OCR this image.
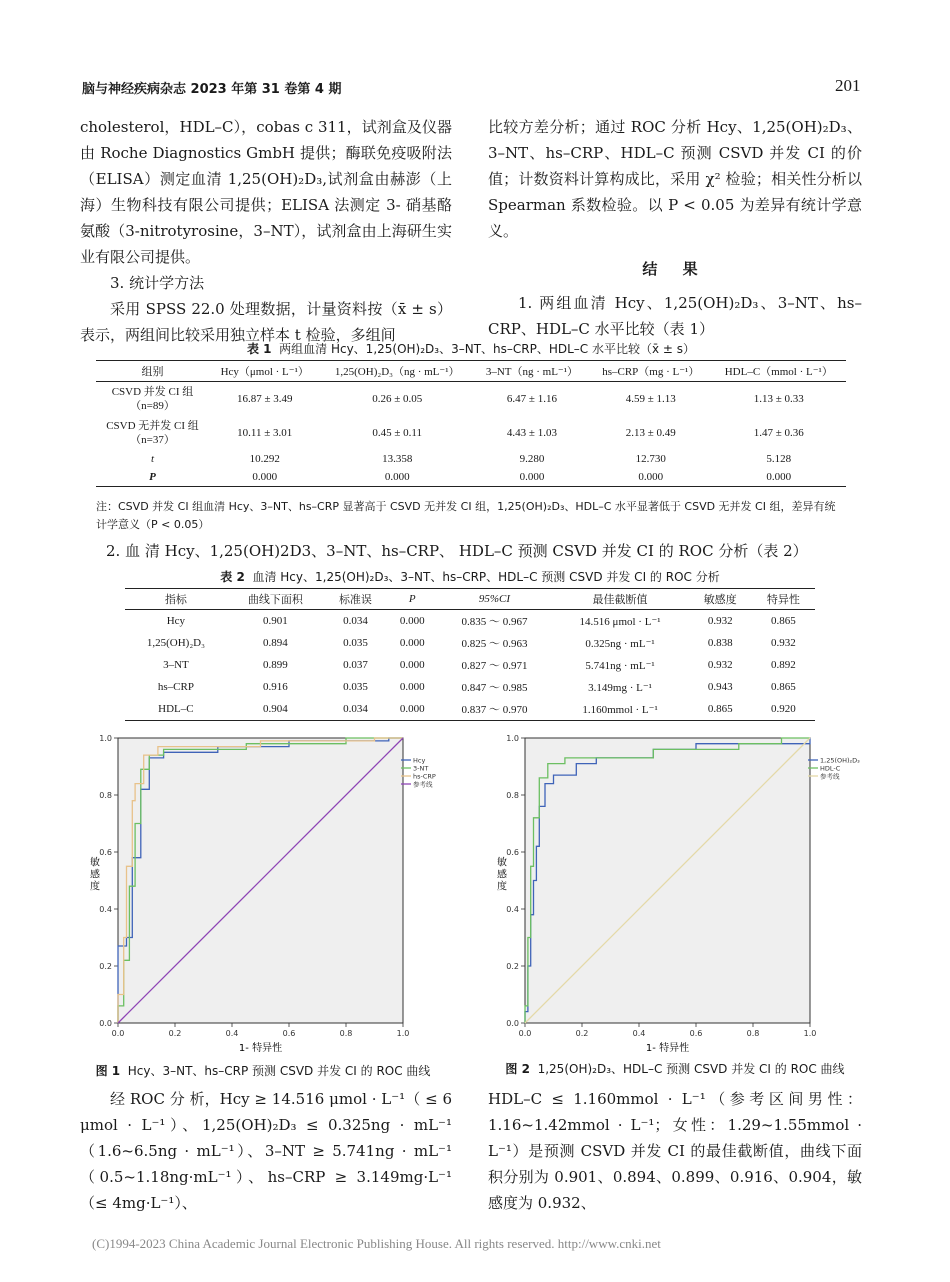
脑与神经疾病杂志 2023 年第 31 卷第 4 期	201

cholesterol，HDL–C），cobas c 311，试剂盒及仪器由 Roche Diagnostics GmbH 提供；酶联免疫吸附法（ELISA）测定血清 1,25(OH)₂D₃,试剂盒由赫澎（上海）生物科技有限公司提供；ELISA 法测定 3- 硝基酪氨酸（3-nitrotyrosine，3–NT），试剂盒由上海研生实业有限公司提供。

3. 统计学方法

采用 SPSS 22.0 处理数据，计量资料按（x̄ ± s）表示，两组间比较采用独立样本 t 检验，多组间

比较方差分析；通过 ROC 分析 Hcy、1,25(OH)₂D₃、3–NT、hs–CRP、HDL–C 预测 CSVD 并发 CI 的价值；计数资料计算构成比，采用 χ² 检验；相关性分析以 Spearman 系数检验。以 P < 0.05 为差异有统计学意义。

结 果

1. 两组血清 Hcy、1,25(OH)₂D₃、3–NT、hs–CRP、HDL–C 水平比较（表 1）

表 1 两组血清 Hcy、1,25(OH)₂D₃、3–NT、hs–CRP、HDL–C 水平比较（x̄ ± s）
组别	Hcy（μmol · L⁻¹）	1,25(OH)₂D₃（ng · mL⁻¹）	3–NT（ng · mL⁻¹）	hs–CRP（mg · L⁻¹）	HDL–C（mmol · L⁻¹）
CSVD 并发 CI 组（n=89）	16.87 ± 3.49	0.26 ± 0.05	6.47 ± 1.16	4.59 ± 1.13	1.13 ± 0.33
CSVD 无并发 CI 组（n=37）	10.11 ± 3.01	0.45 ± 0.11	4.43 ± 1.03	2.13 ± 0.49	1.47 ± 0.36
t	10.292	13.358	9.280	12.730	5.128
P	0.000	0.000	0.000	0.000	0.000
注：CSVD 并发 CI 组血清 Hcy、3–NT、hs–CRP 显著高于 CSVD 无并发 CI 组，1,25(OH)₂D₃、HDL–C 水平显著低于 CSVD 无并发 CI 组，差异有统计学意义（P < 0.05）
2. 血 清 Hcy、1,25(OH)2D3、3–NT、hs–CRP、 HDL–C 预测 CSVD 并发 CI 的 ROC 分析（表 2）
表 2 血清 Hcy、1,25(OH)₂D₃、3–NT、hs–CRP、HDL–C 预测 CSVD 并发 CI 的 ROC 分析
指标	曲线下面积	标准误	P	95%CI	最佳截断值	敏感度	特异性
Hcy	0.901	0.034	0.000	0.835 ～ 0.967	14.516 μmol · L⁻¹	0.932	0.865
1,25(OH)₂D₃	0.894	0.035	0.000	0.825 ～ 0.963	0.325ng · mL⁻¹	0.838	0.932
3–NT	0.899	0.037	0.000	0.827 ～ 0.971	5.741ng · mL⁻¹	0.932	0.892
hs–CRP	0.916	0.035	0.000	0.847 ～ 0.985	3.149mg · L⁻¹	0.943	0.865
HDL–C	0.904	0.034	0.000	0.837 ～ 0.970	1.160mmol · L⁻¹	0.865	0.920
0.0
0.0
0.2
0.2
0.4
0.4
0.6
0.6
0.8
0.8
1.0
1.0
Hcy
3-NT
hs-CRP
参考线
1- 特异性
敏感度
图 1 Hcy、3–NT、hs–CRP 预测 CSVD 并发 CI 的 ROC 曲线
0.0
0.0
0.2
0.2
0.4
0.4
0.6
0.6
0.8
0.8
1.0
1.0
1,25(OH)₂D₃
HDL-C
参考线
1- 特异性
敏感度
图 2 1,25(OH)₂D₃、HDL–C 预测 CSVD 并发 CI 的 ROC 曲线

经 ROC 分 析，Hcy ≥ 14.516 μmol · L⁻¹（ ≤ 6 μmol · L⁻¹）、1,25(OH)₂D₃ ≤ 0.325ng · mL⁻¹（1.6~6.5ng · mL⁻¹）、3–NT ≥ 5.741ng · mL⁻¹（0.5~1.18ng·mL⁻¹）、hs–CRP ≥ 3.149mg·L⁻¹（≤ 4mg·L⁻¹）、

HDL–C ≤ 1.160mmol · L⁻¹（参考区间男性：1.16~1.42mmol · L⁻¹；女性：1.29~1.55mmol · L⁻¹）是预测 CSVD 并发 CI 的最佳截断值，曲线下面积分别为 0.901、0.894、0.899、0.916、0.904，敏感度为 0.932、

(C)1994-2023 China Academic Journal Electronic Publishing House. All rights reserved. http://www.cnki.net
